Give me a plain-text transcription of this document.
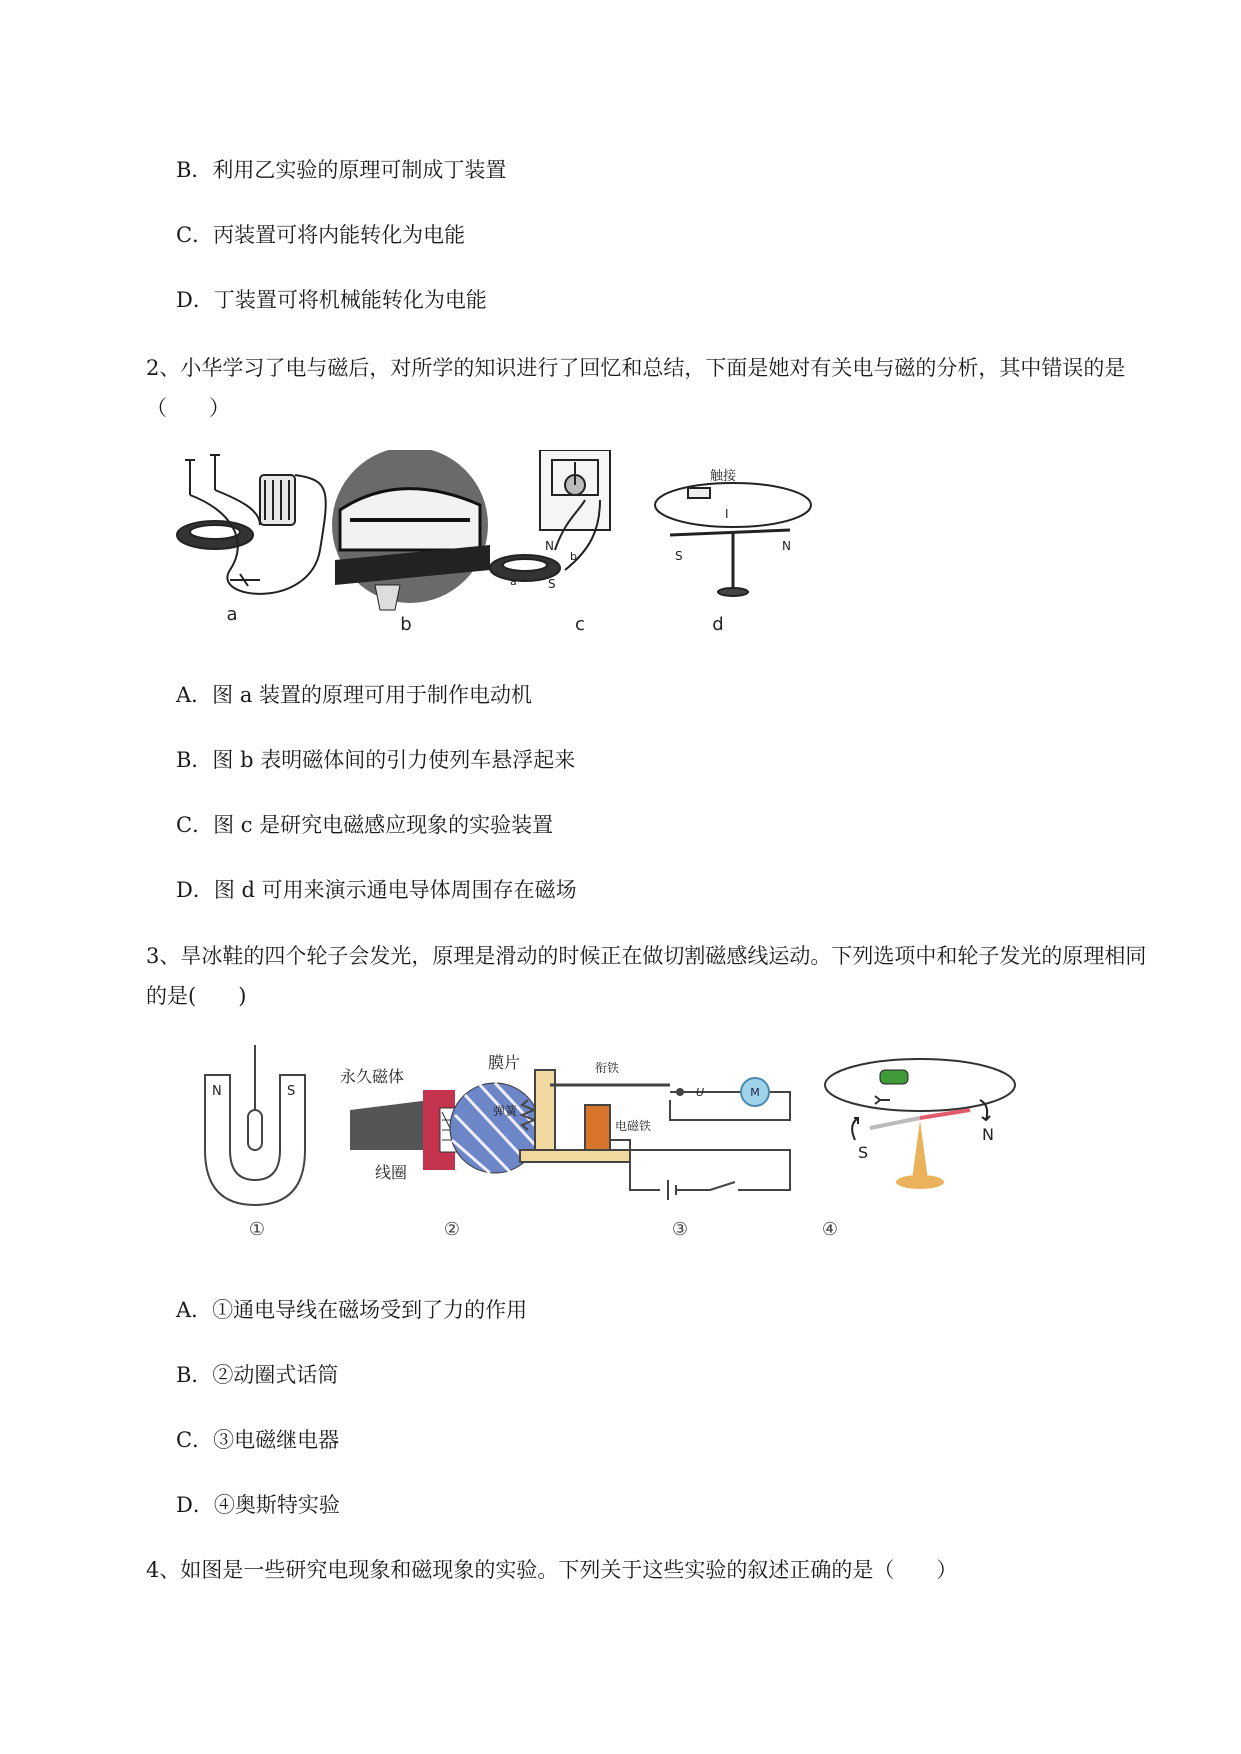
B．利用乙实验的原理可制成丁装置
C．丙装置可将内能转化为电能
D．丁装置可将机械能转化为电能
2、小华学习了电与磁后，对所学的知识进行了回忆和总结，下面是她对有关电与磁的分析，其中错误的是（　　）
a	b
N
S
a
b
c
触接
I
S
N
d
A．图 a 装置的原理可用于制作电动机
B．图 b 表明磁体间的引力使列车悬浮起来
C．图 c 是研究电磁感应现象的实验装置
D．图 d 可用来演示通电导体周围存在磁场
3、旱冰鞋的四个轮子会发光，原理是滑动的时候正在做切割磁感线运动。下列选项中和轮子发光的原理相同的是(　　)
N	S
①
永久磁体
膜片
线圈
②
衔铁
弹簧
电磁铁
U	M
③
S
N
④
A．①通电导线在磁场受到了力的作用
B．②动圈式话筒
C．③电磁继电器
D．④奥斯特实验
4、如图是一些研究电现象和磁现象的实验。下列关于这些实验的叙述正确的是（　　）
